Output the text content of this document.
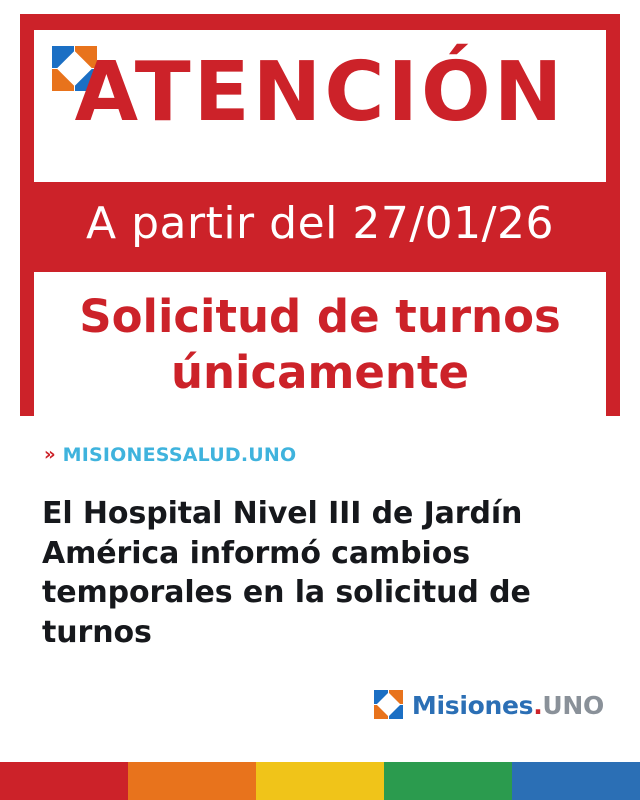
ATENCIÓN
A partir del 27/01/26
Solicitud de turnos
únicamente
» MISIONESSALUD.UNO
El Hospital Nivel III de Jardín América informó cambios temporales en la solicitud de turnos
Misiones.UNO
